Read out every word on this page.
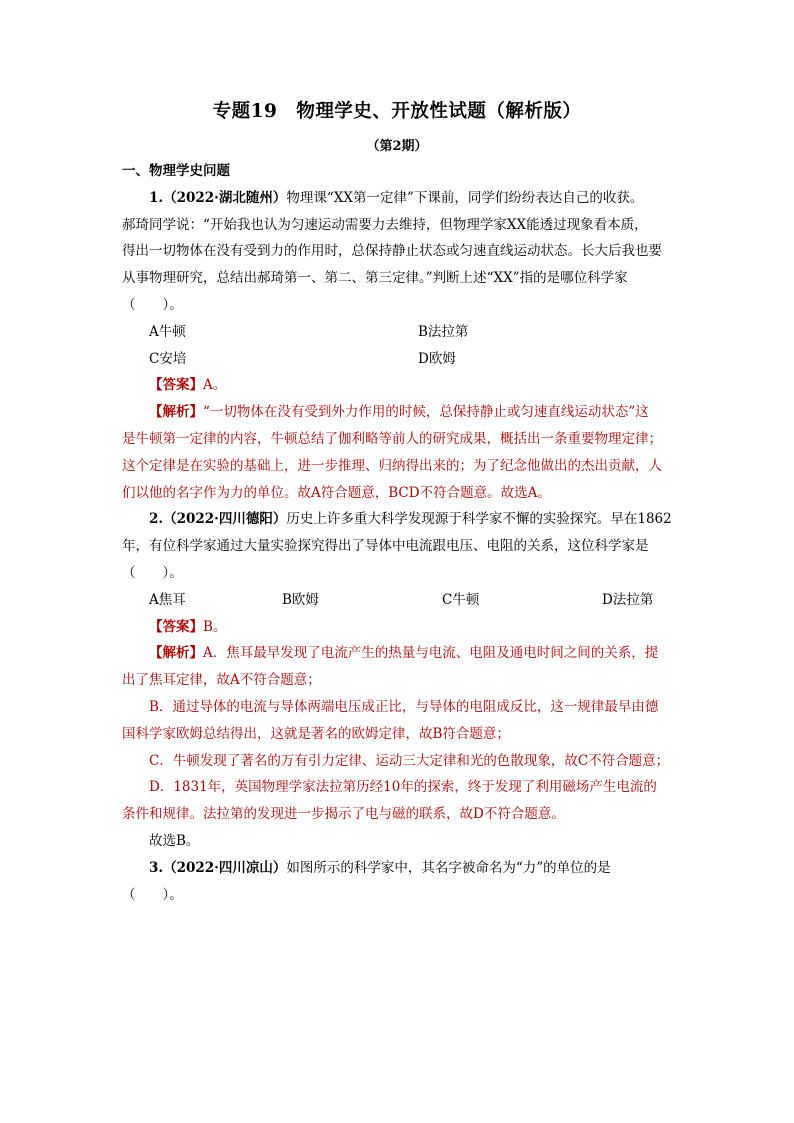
专题19　物理学史、开放性试题（解析版）
（第2期）
一、物理学史问题
1.（2022·湖北随州）物理课“XX第一定律”下课前，同学们纷纷表达自己的收获。
郝琦同学说：“开始我也认为匀速运动需要力去维持，但物理学家XX能透过现象看本质，
得出一切物体在没有受到力的作用时，总保持静止状态或匀速直线运动状态。长大后我也要
从事物理研究，总结出郝琦第一、第二、第三定律。”判断上述“XX”指的是哪位科学家
（　　）。
A牛顿	B法拉第
C安培	D欧姆
【答案】A。
【解析】“一切物体在没有受到外力作用的时候，总保持静止或匀速直线运动状态”这
是牛顿第一定律的内容，牛顿总结了伽利略等前人的研究成果，概括出一条重要物理定律；
这个定律是在实验的基础上，进一步推理、归纳得出来的；为了纪念他做出的杰出贡献，人
们以他的名字作为力的单位。故A符合题意，BCD不符合题意。故选A。
2.（2022·四川德阳）历史上许多重大科学发现源于科学家不懈的实验探究。早在1862
年，有位科学家通过大量实验探究得出了导体中电流跟电压、电阻的关系，这位科学家是
（　　）。
A焦耳	B欧姆	C牛顿	D法拉第
【答案】B。
【解析】A．焦耳最早发现了电流产生的热量与电流、电阻及通电时间之间的关系，提
出了焦耳定律，故A不符合题意；
B．通过导体的电流与导体两端电压成正比，与导体的电阻成反比，这一规律最早由德
国科学家欧姆总结得出，这就是著名的欧姆定律，故B符合题意；
C．牛顿发现了著名的万有引力定律、运动三大定律和光的色散现象，故C不符合题意；
D．1831年，英国物理学家法拉第历经10年的探索，终于发现了利用磁场产生电流的
条件和规律。法拉第的发现进一步揭示了电与磁的联系，故D不符合题意。
故选B。
3.（2022·四川凉山）如图所示的科学家中，其名字被命名为“力”的单位的是
（　　）。
